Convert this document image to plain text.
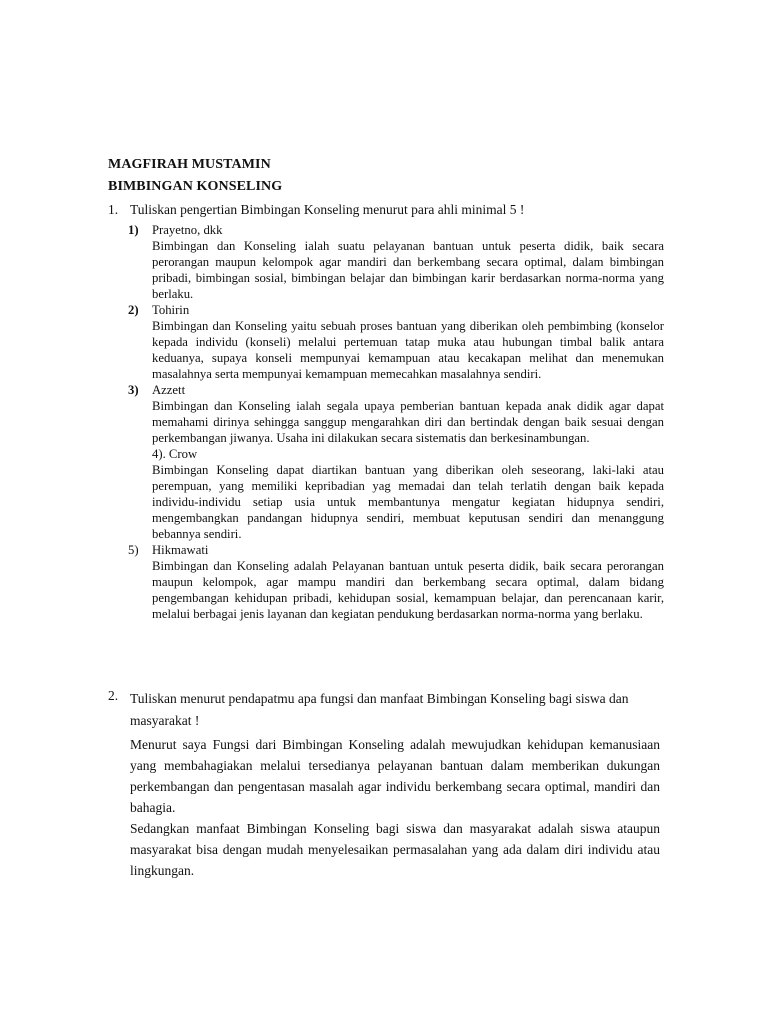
MAGFIRAH MUSTAMIN
BIMBINGAN KONSELING
1. Tuliskan pengertian Bimbingan Konseling menurut para ahli minimal 5 !
1)	Prayetno, dkk
Bimbingan dan Konseling ialah suatu pelayanan bantuan untuk peserta didik, baik secara perorangan maupun kelompok agar mandiri dan berkembang secara optimal, dalam bimbingan pribadi, bimbingan sosial, bimbingan belajar dan bimbingan karir berdasarkan norma-norma yang berlaku.
2)	Tohirin
Bimbingan dan Konseling yaitu sebuah proses bantuan yang diberikan oleh pembimbing (konselor kepada individu (konseli) melalui pertemuan tatap muka atau hubungan timbal balik antara keduanya, supaya konseli mempunyai kemampuan atau kecakapan melihat dan menemukan masalahnya serta mempunyai kemampuan memecahkan masalahnya sendiri.
3)	Azzett
Bimbingan dan Konseling ialah segala upaya pemberian bantuan kepada anak didik agar dapat memahami dirinya sehingga sanggup mengarahkan diri dan bertindak dengan baik sesuai dengan perkembangan jiwanya. Usaha ini dilakukan secara sistematis dan berkesinambungan.
4). Crow
Bimbingan Konseling dapat diartikan bantuan yang diberikan oleh seseorang, laki-laki atau perempuan, yang memiliki kepribadian yag memadai dan telah terlatih dengan baik kepada individu-individu setiap usia untuk membantunya mengatur kegiatan hidupnya sendiri, mengembangkan pandangan hidupnya sendiri, membuat keputusan sendiri dan menanggung bebannya sendiri.
5)	Hikmawati
Bimbingan dan Konseling adalah Pelayanan bantuan untuk peserta didik, baik secara perorangan maupun kelompok, agar mampu mandiri dan berkembang secara optimal, dalam bidang pengembangan kehidupan pribadi, kehidupan sosial, kemampuan belajar, dan perencanaan karir, melalui berbagai jenis layanan dan kegiatan pendukung berdasarkan norma-norma yang berlaku.
2. Tuliskan menurut pendapatmu apa fungsi dan manfaat Bimbingan Konseling bagi siswa dan masyarakat !
Menurut saya Fungsi dari Bimbingan Konseling adalah mewujudkan kehidupan kemanusiaan yang membahagiakan melalui tersedianya pelayanan bantuan dalam memberikan dukungan perkembangan dan pengentasan masalah agar individu berkembang secara optimal, mandiri dan bahagia.
Sedangkan manfaat Bimbingan Konseling bagi siswa dan masyarakat adalah siswa ataupun masyarakat bisa dengan mudah menyelesaikan permasalahan yang ada dalam diri individu atau lingkungan.
